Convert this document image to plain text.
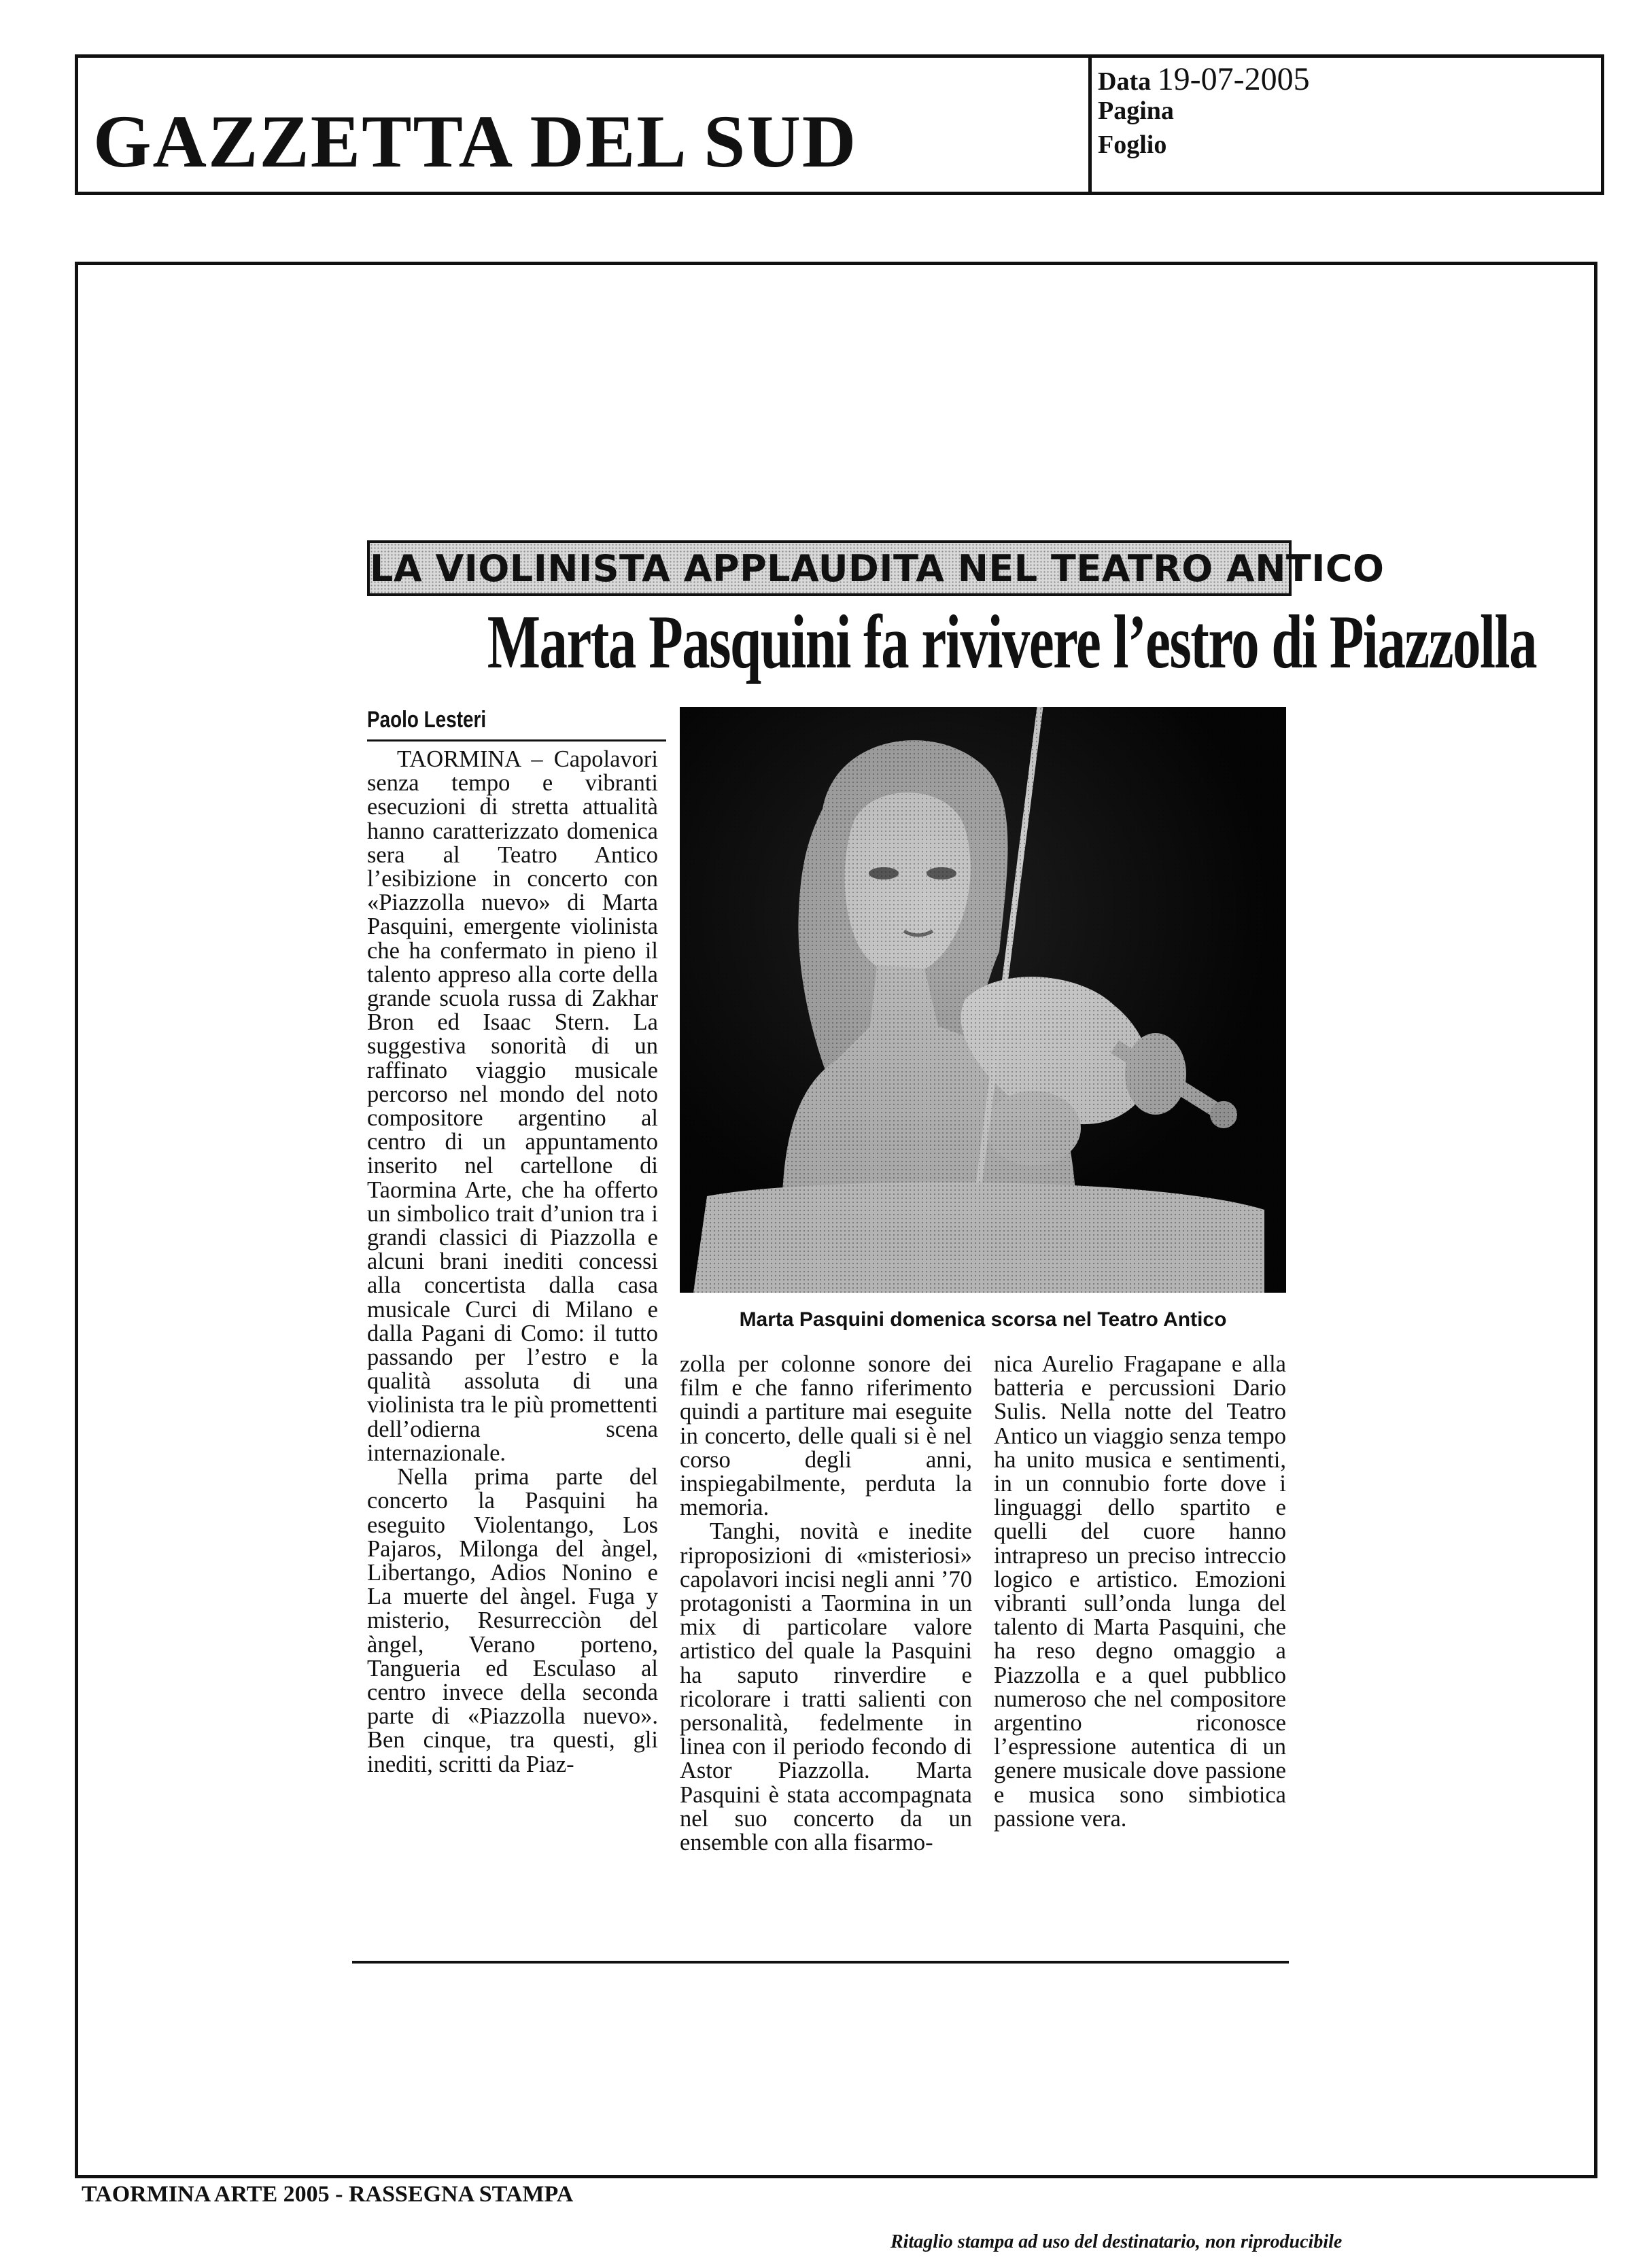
GAZZETTA DEL SUD
Data 19-07-2005
Pagina
Foglio
LA VIOLINISTA APPLAUDITA NEL TEATRO ANTICO
Marta Pasquini fa rivivere l’estro di Piazzolla
Paolo Lesteri

TAORMINA – Capolavori senza tempo e vibranti esecuzioni di stretta attualità hanno caratterizzato domenica sera al Teatro Antico l’esibizione in concerto con «Piazzolla nuevo» di Marta Pasquini, emergente violinista che ha confermato in pieno il talento appreso alla corte della grande scuola russa di Zakhar Bron ed Isaac Stern. La suggestiva sonorità di un raffinato viaggio musicale percorso nel mondo del noto compositore argentino al centro di un appuntamento inserito nel cartellone di Taormina Arte, che ha offerto un simbolico trait d’union tra i grandi classici di Piazzolla e alcuni brani inediti concessi alla concertista dalla casa musicale Curci di Milano e dalla Pagani di Como: il tutto passando per l’estro e la qualità assoluta di una violinista tra le più promettenti dell’odierna scena internazionale.

Nella prima parte del concerto la Pasquini ha eseguito Violentango, Los Pajaros, Milonga del àngel, Libertango, Adios Nonino e La muerte del àngel. Fuga y misterio, Resurrecciòn del àngel, Verano porteno, Tangueria ed Esculaso al centro invece della seconda parte di «Piazzolla nuevo». Ben cinque, tra questi, gli inediti, scritti da Piaz-

Marta Pasquini domenica scorsa nel Teatro Antico

zolla per colonne sonore dei film e che fanno riferimento quindi a partiture mai eseguite in concerto, delle quali si è nel corso degli anni, inspiegabilmente, perduta la memoria.

Tanghi, novità e inedite riproposizioni di «misteriosi» capolavori incisi negli anni ’70 protagonisti a Taormina in un mix di particolare valore artistico del quale la Pasquini ha saputo rinverdire e ricolorare i tratti salienti con personalità, fedelmente in linea con il periodo fecondo di Astor Piazzolla. Marta Pasquini è stata accompagnata nel suo concerto da un ensemble con alla fisarmo-

nica Aurelio Fragapane e alla batteria e percussioni Dario Sulis. Nella notte del Teatro Antico un viaggio senza tempo ha unito musica e sentimenti, in un connubio forte dove i linguaggi dello spartito e quelli del cuore hanno intrapreso un preciso intreccio logico e artistico. Emozioni vibranti sull’onda lunga del talento di Marta Pasquini, che ha reso degno omaggio a Piazzolla e a quel pubblico numeroso che nel compositore argentino riconosce l’espressione autentica di un genere musicale dove passione e musica sono simbiotica passione vera.

TAORMINA ARTE 2005 - RASSEGNA STAMPA
Ritaglio stampa ad uso del destinatario, non riproducibile
